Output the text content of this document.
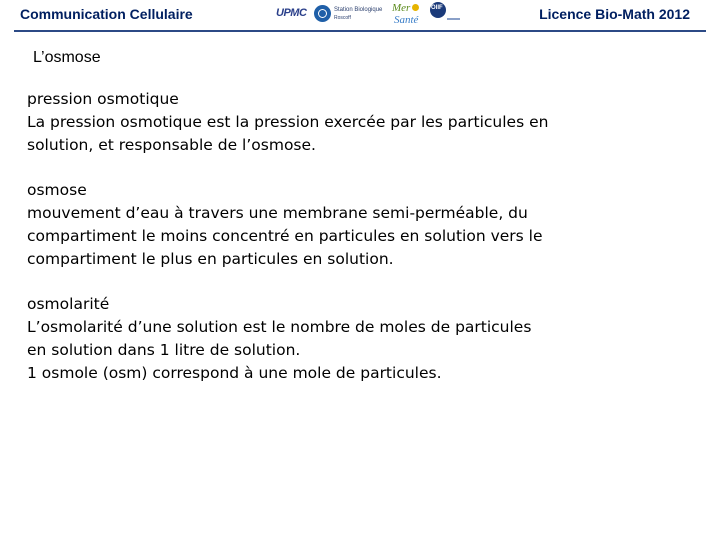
Communication Cellulaire	UPMC	Station Biologique
Roscoff
Mer
Santé
OIIF	Licence Bio-Math 2012
L’osmose

pression osmotique

La pression osmotique est la pression exercée par les particules en

solution, et responsable de l’osmose.

osmose

mouvement d’eau à travers une membrane semi-perméable, du

compartiment le moins concentré en particules en solution vers le

compartiment le plus en particules en solution.

osmolarité

L’osmolarité d’une solution est le nombre de moles de particules

en solution dans 1 litre de solution.

1 osmole (osm) correspond à une mole de particules.
